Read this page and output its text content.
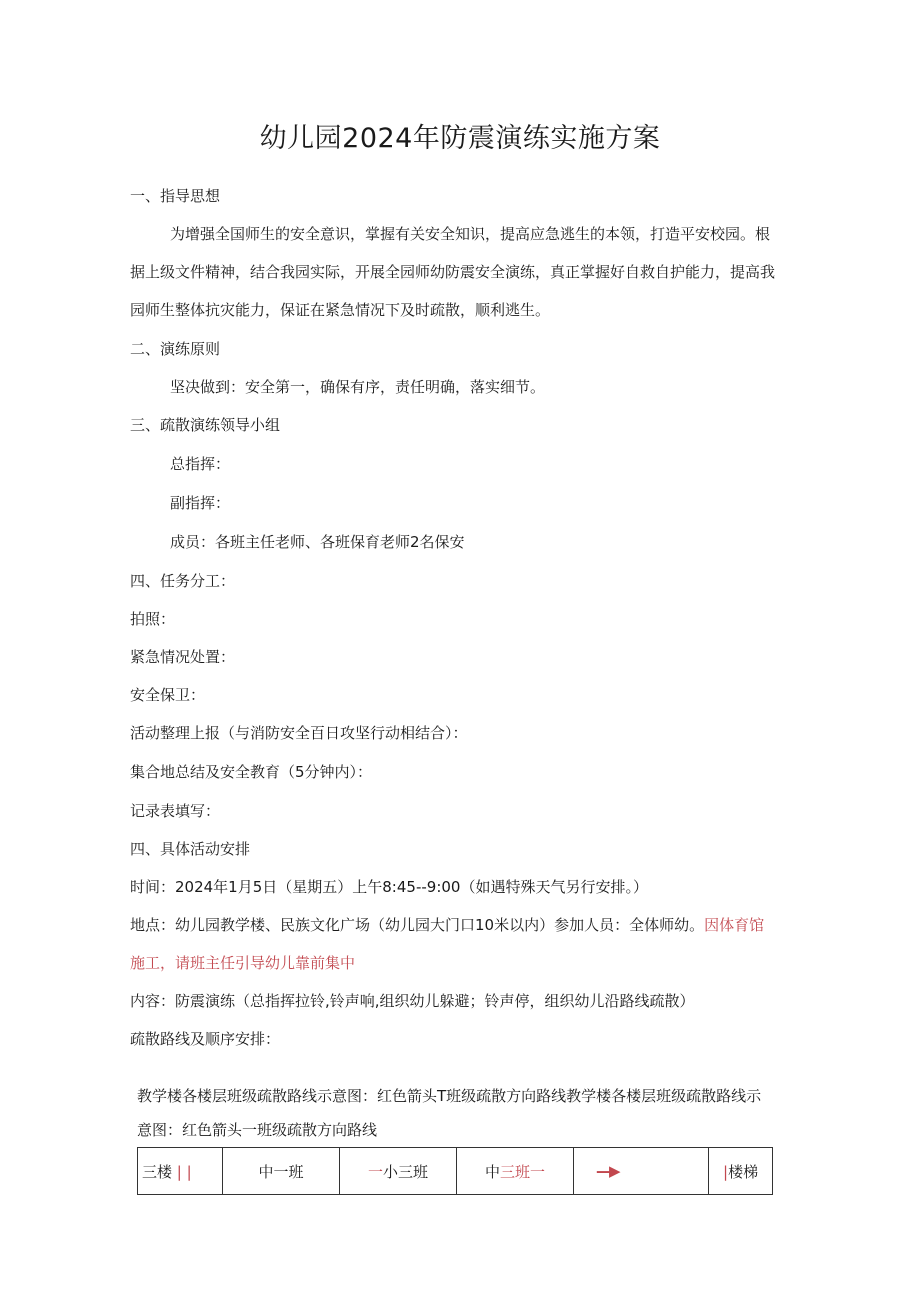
幼儿园2024年防震演练实施方案
一、指导思想
为增强全国师生的安全意识，掌握有关安全知识，提高应急逃生的本领，打造平安校园。根
据上级文件精神，结合我园实际，开展全园师幼防震安全演练，真正掌握好自救自护能力，提高我
园师生整体抗灾能力，保证在紧急情况下及时疏散，顺利逃生。
二、演练原则
坚决做到：安全第一，确保有序，责任明确，落实细节。
三、疏散演练领导小组
总指挥：
副指挥：
成员：各班主任老师、各班保育老师2名保安
四、任务分工：
拍照：
紧急情况处置：
安全保卫：
活动整理上报（与消防安全百日攻坚行动相结合）：
集合地总结及安全教育（5分钟内）：
记录表填写：
四、具体活动安排
时间：2024年1月5日（星期五）上午8:45--9:00（如遇特殊天气另行安排。）
地点：幼儿园教学楼、民族文化广场（幼儿园大门口10米以内）参加人员：全体师幼。因体育馆
施工，请班主任引导幼儿靠前集中
内容：防震演练（总指挥拉铃,铃声响,组织幼儿躲避；铃声停，组织幼儿沿路线疏散）
疏散路线及顺序安排：
教学楼各楼层班级疏散路线示意图：红色箭头T班级疏散方向路线教学楼各楼层班级疏散路线示
意图：红色箭头一班级疏散方向路线
三楼 | |	中一班	一小三班	中三班一	—▶	|楼梯
